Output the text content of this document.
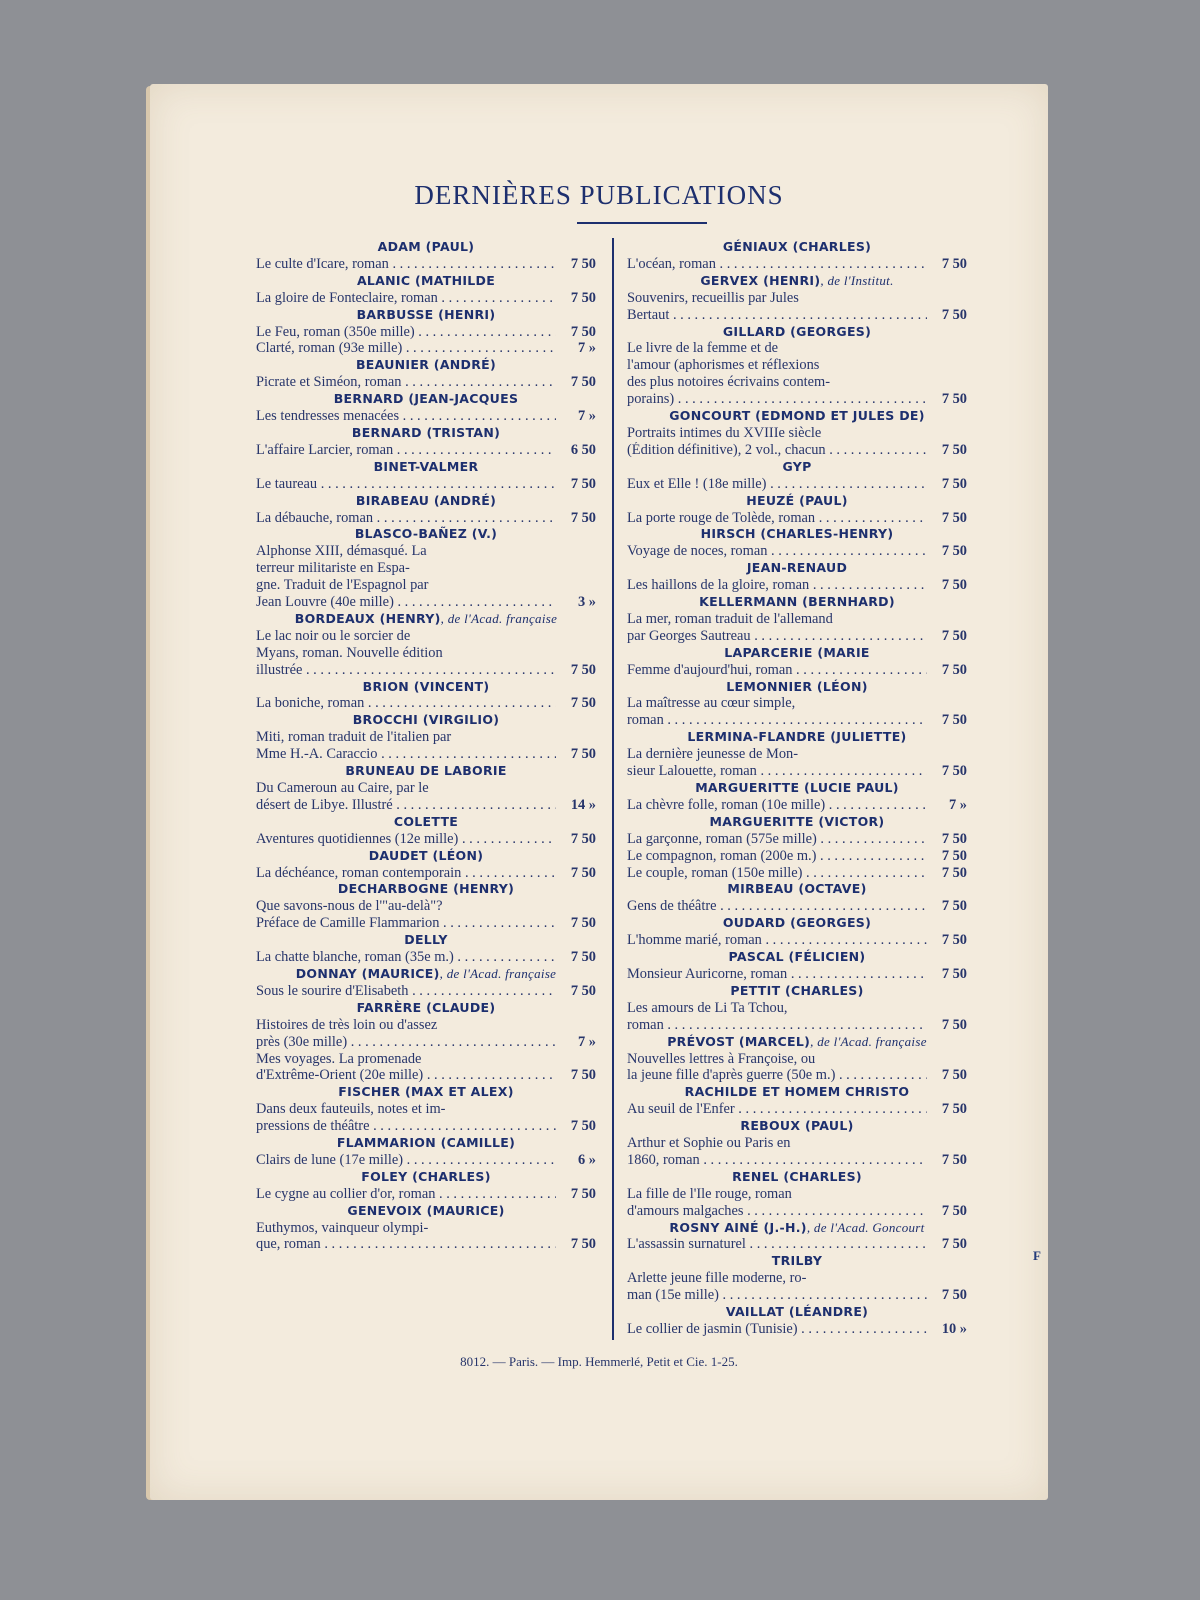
F
DERNIÈRES PUBLICATIONS
ADAM (PAUL)
Le culte d'Icare, roman . . .	7 50
ALANIC (MATHILDE
La gloire de Fonteclaire, roman . . .	7 50
BARBUSSE (HENRI)
Le Feu, roman (350e mille) . . .	7 50
Clarté, roman (93e mille) . . .	7 »
BEAUNIER (ANDRÉ)
Picrate et Siméon, roman . . .	7 50
BERNARD (JEAN-JACQUES
Les tendresses menacées . . .	7 »
BERNARD (TRISTAN)
L'affaire Larcier, roman . . .	6 50
BINET-VALMER
Le taureau . . .	7 50
BIRABEAU (ANDRÉ)
La débauche, roman . . .	7 50
BLASCO-BAÑEZ (V.)
Alphonse XIII, démasqué. La
terreur militariste en Espa-
gne. Traduit de l'Espagnol par
Jean Louvre (40e mille) . . .	3 »
BORDEAUX (HENRY), de l'Acad. française
Le lac noir ou le sorcier de
Myans, roman. Nouvelle édition
illustrée . . .	7 50
BRION (VINCENT)
La boniche, roman . . .	7 50
BROCCHI (VIRGILIO)
Miti, roman traduit de l'italien par
Mme H.-A. Caraccio . . .	7 50
BRUNEAU DE LABORIE
Du Cameroun au Caire, par le
désert de Libye. Illustré . . .	14 »
COLETTE
Aventures quotidiennes (12e mille) . . .	7 50
DAUDET (LÉON)
La déchéance, roman contemporain . . .	7 50
DECHARBOGNE (HENRY)
Que savons-nous de l'"au-delà"?
Préface de Camille Flammarion . . .	7 50
DELLY
La chatte blanche, roman (35e m.) . . .	7 50
DONNAY (MAURICE), de l'Acad. française
Sous le sourire d'Elisabeth . . .	7 50
FARRÈRE (CLAUDE)
Histoires de très loin ou d'assez
près (30e mille) . . .	7 »
Mes voyages. La promenade
d'Extrême-Orient (20e mille) . . .	7 50
FISCHER (MAX ET ALEX)
Dans deux fauteuils, notes et im-
pressions de théâtre . . .	7 50
FLAMMARION (CAMILLE)
Clairs de lune (17e mille) . . .	6 »
FOLEY (CHARLES)
Le cygne au collier d'or, roman . . .	7 50
GENEVOIX (MAURICE)
Euthymos, vainqueur olympi-
que, roman . . .	7 50
GÉNIAUX (CHARLES)
L'océan, roman . . .	7 50
GERVEX (HENRI), de l'Institut.
Souvenirs, recueillis par Jules
Bertaut . . .	7 50
GILLARD (GEORGES)
Le livre de la femme et de
l'amour (aphorismes et réflexions
des plus notoires écrivains contem-
porains) . . .	7 50
GONCOURT (EDMOND ET JULES DE)
Portraits intimes du XVIIIe siècle
(Édition définitive), 2 vol., chacun . . .	7 50
GYP
Eux et Elle ! (18e mille) . . .	7 50
HEUZÉ (PAUL)
La porte rouge de Tolède, roman . . .	7 50
HIRSCH (CHARLES-HENRY)
Voyage de noces, roman . . .	7 50
JEAN-RENAUD
Les haillons de la gloire, roman . . .	7 50
KELLERMANN (BERNHARD)
La mer, roman traduit de l'allemand
par Georges Sautreau . . .	7 50
LAPARCERIE (MARIE
Femme d'aujourd'hui, roman . . .	7 50
LEMONNIER (LÉON)
La maîtresse au cœur simple,
roman . . .	7 50
LERMINA-FLANDRE (JULIETTE)
La dernière jeunesse de Mon-
sieur Lalouette, roman . . .	7 50
MARGUERITTE (LUCIE PAUL)
La chèvre folle, roman (10e mille) . . .	7 »
MARGUERITTE (VICTOR)
La garçonne, roman (575e mille) . . .	7 50
Le compagnon, roman (200e m.) . . .	7 50
Le couple, roman (150e mille) . . .	7 50
MIRBEAU (OCTAVE)
Gens de théâtre . . .	7 50
OUDARD (GEORGES)
L'homme marié, roman . . .	7 50
PASCAL (FÉLICIEN)
Monsieur Auricorne, roman . . .	7 50
PETTIT (CHARLES)
Les amours de Li Ta Tchou,
roman . . .	7 50
PRÉVOST (MARCEL), de l'Acad. française
Nouvelles lettres à Françoise, ou
la jeune fille d'après guerre (50e m.) . . .	7 50
RACHILDE ET HOMEM CHRISTO
Au seuil de l'Enfer . . .	7 50
REBOUX (PAUL)
Arthur et Sophie ou Paris en
1860, roman . . .	7 50
RENEL (CHARLES)
La fille de l'Ile rouge, roman
d'amours malgaches . . .	7 50
ROSNY AINÉ (J.-H.), de l'Acad. Goncourt
L'assassin surnaturel . . .	7 50
TRILBY
Arlette jeune fille moderne, ro-
man (15e mille) . . .	7 50
VAILLAT (LÉANDRE)
Le collier de jasmin (Tunisie) . . .	10 »
8012. — Paris. — Imp. Hemmerlé, Petit et Cie. 1-25.
